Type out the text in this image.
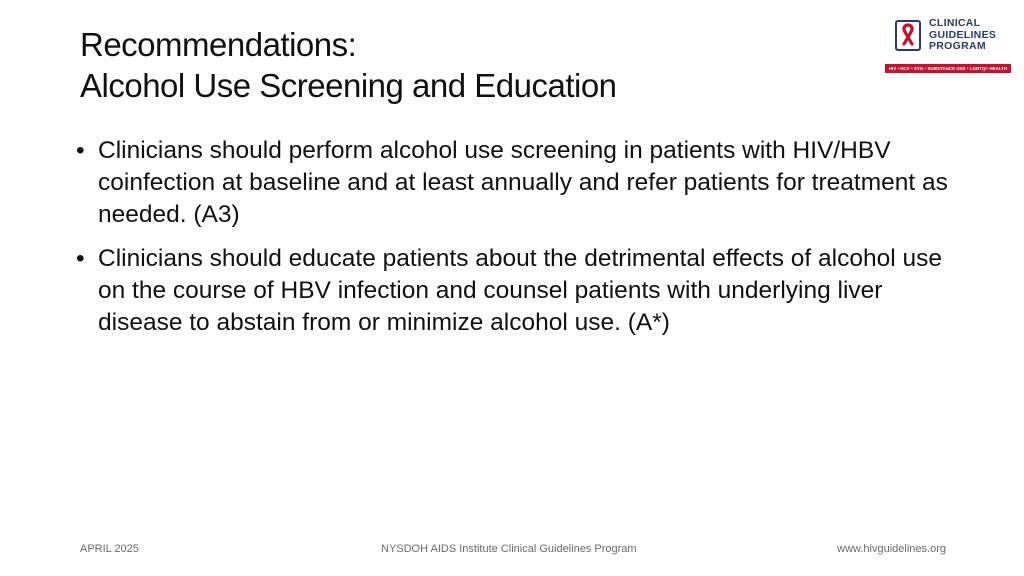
Recommendations:
Alcohol Use Screening and Education
CLINICAL
GUIDELINES
PROGRAM
HIV • HCV • STIs • SUBSTANCE USE • LGBTQ+ HEALTH
• Clinicians should perform alcohol use screening in patients with HIV/HBV coinfection at baseline and at least annually and refer patients for treatment as needed. (A3)
• Clinicians should educate patients about the detrimental effects of alcohol use on the course of HBV infection and counsel patients with underlying liver disease to abstain from or minimize alcohol use. (A*)
APRIL 2025	NYSDOH AIDS Institute Clinical Guidelines Program	www.hivguidelines.org
